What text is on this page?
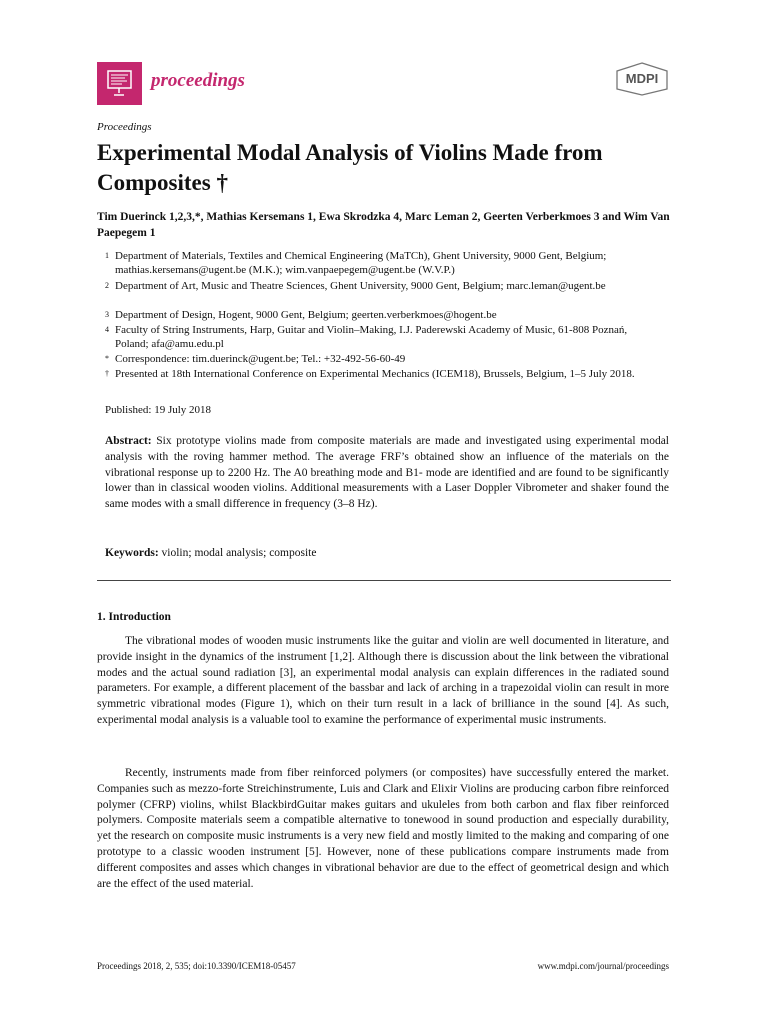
proceedings	MDPI
Proceedings
Experimental Modal Analysis of Violins Made from Composites †
Tim Duerinck 1,2,3,*, Mathias Kersemans 1, Ewa Skrodzka 4, Marc Leman 2, Geerten Verberkmoes 3 and Wim Van Paepegem 1
1 Department of Materials, Textiles and Chemical Engineering (MaTCh), Ghent University, 9000 Gent, Belgium; mathias.kersemans@ugent.be (M.K.); wim.vanpaepegem@ugent.be (W.V.P.)
2 Department of Art, Music and Theatre Sciences, Ghent University, 9000 Gent, Belgium; marc.leman@ugent.be
3 Department of Design, Hogent, 9000 Gent, Belgium; geerten.verberkmoes@hogent.be
4 Faculty of String Instruments, Harp, Guitar and Violin–Making, I.J. Paderewski Academy of Music, 61-808 Poznań, Poland; afa@amu.edu.pl
* Correspondence: tim.duerinck@ugent.be; Tel.: +32-492-56-60-49
† Presented at 18th International Conference on Experimental Mechanics (ICEM18), Brussels, Belgium, 1–5 July 2018.
Published: 19 July 2018
Abstract: Six prototype violins made from composite materials are made and investigated using experimental modal analysis with the roving hammer method. The average FRF’s obtained show an influence of the materials on the vibrational response up to 2200 Hz. The A0 breathing mode and B1- mode are identified and are found to be significantly lower than in classical wooden violins. Additional measurements with a Laser Doppler Vibrometer and shaker found the same modes with a small difference in frequency (3–8 Hz).
Keywords: violin; modal analysis; composite
1. Introduction
The vibrational modes of wooden music instruments like the guitar and violin are well documented in literature, and provide insight in the dynamics of the instrument [1,2]. Although there is discussion about the link between the vibrational modes and the actual sound radiation [3], an experimental modal analysis can explain differences in the radiated sound parameters. For example, a different placement of the bassbar and lack of arching in a trapezoidal violin can result in more symmetric vibrational modes (Figure 1), which on their turn result in a lack of brilliance in the sound [4]. As such, experimental modal analysis is a valuable tool to examine the performance of experimental music instruments.
Recently, instruments made from fiber reinforced polymers (or composites) have successfully entered the market. Companies such as mezzo-forte Streichinstrumente, Luis and Clark and Elixir Violins are producing carbon fibre reinforced polymer (CFRP) violins, whilst BlackbirdGuitar makes guitars and ukuleles from both carbon and flax fiber reinforced polymers. Composite materials seem a compatible alternative to tonewood in sound production and especially durability, yet the research on composite music instruments is a very new field and mostly limited to the making and comparing of one prototype to a classic wooden instrument [5]. However, none of these publications compare instruments made from different composites and asses which changes in vibrational behavior are due to the effect of geometrical design and which are the effect of the used material.
Proceedings 2018, 2, 535; doi:10.3390/ICEM18-05457	www.mdpi.com/journal/proceedings
